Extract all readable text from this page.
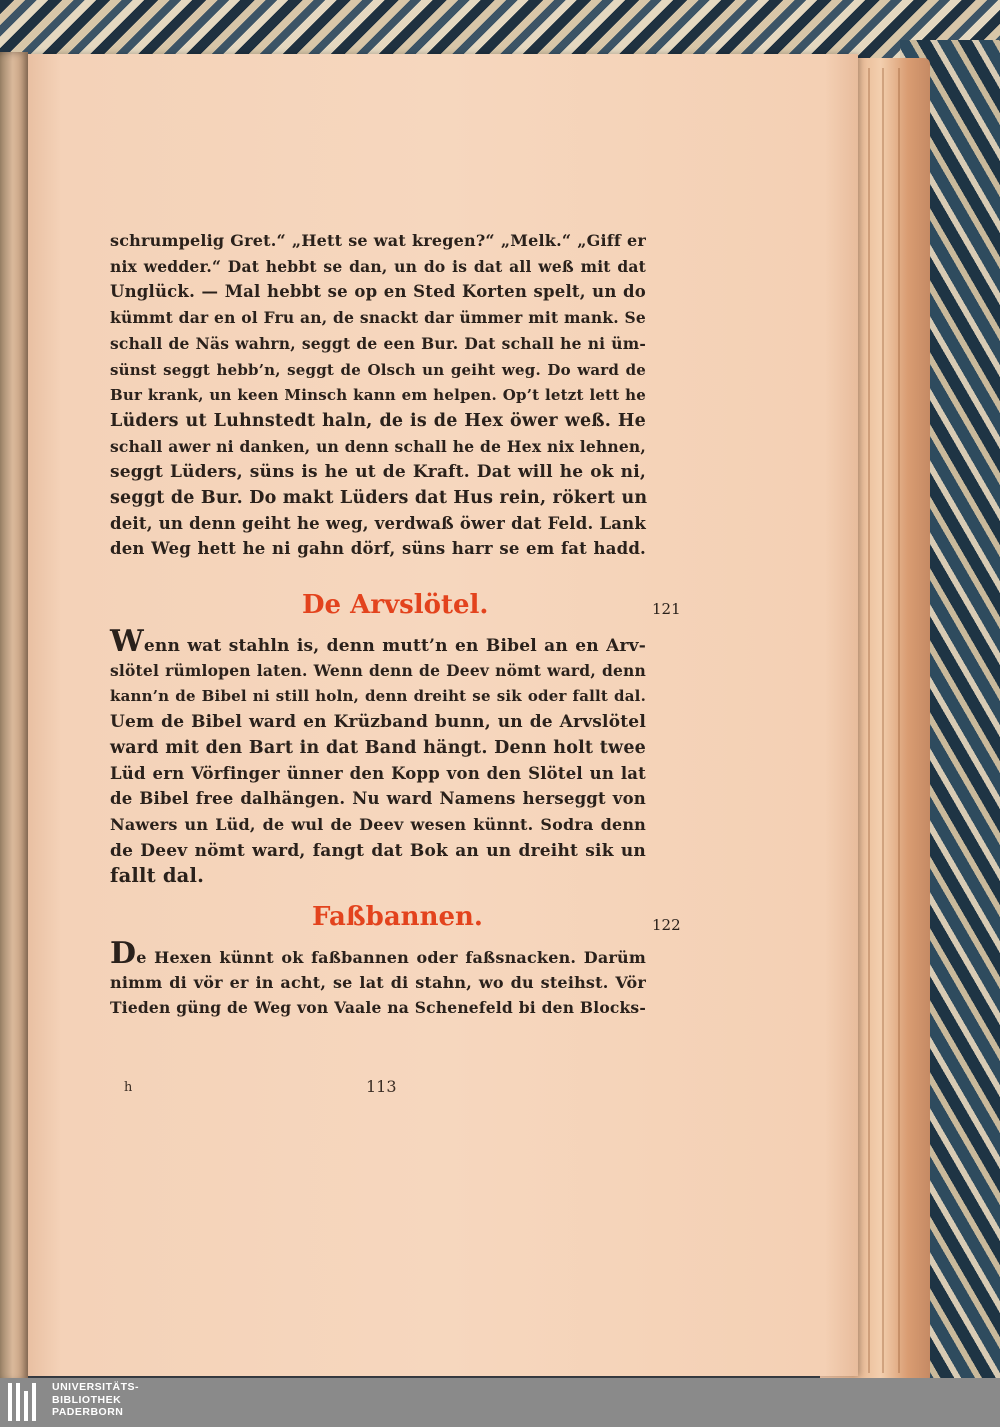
schrumpelig Gret.“ „Hett se wat kregen?“ „Melk.“ „Giff er
nix wedder.“ Dat hebbt se dan, un do is dat all weß mit dat
Unglück. — Mal hebbt se op en Sted Korten spelt, un do
kümmt dar en ol Fru an, de snackt dar ümmer mit mank. Se
schall de Näs wahrn, seggt de een Bur. Dat schall he ni üm-
sünst seggt hebb’n, seggt de Olsch un geiht weg. Do ward de
Bur krank, un keen Minsch kann em helpen. Op’t letzt lett he
Lüders ut Luhnstedt haln, de is de Hex öwer weß. He
schall awer ni danken, un denn schall he de Hex nix lehnen,
seggt Lüders, süns is he ut de Kraft. Dat will he ok ni,
seggt de Bur. Do makt Lüders dat Hus rein, rökert un
deit, un denn geiht he weg, verdwaß öwer dat Feld. Lank
den Weg hett he ni gahn dörf, süns harr se em fat hadd.
Wenn wat stahln is, denn mutt’n en Bibel an en Arv-
slötel rümlopen laten. Wenn denn de Deev nömt ward, denn
kann’n de Bibel ni still holn, denn dreiht se sik oder fallt dal.
Uem de Bibel ward en Krüzband bunn, un de Arvslötel
ward mit den Bart in dat Band hängt. Denn holt twee
Lüd ern Vörfinger ünner den Kopp von den Slötel un lat
de Bibel free dalhängen. Nu ward Namens herseggt von
Nawers un Lüd, de wul de Deev wesen künnt. Sodra denn
de Deev nömt ward, fangt dat Bok an un dreiht sik un
fallt dal.
De Hexen künnt ok faßbannen oder faßsnacken. Darüm
nimm di vör er in acht, se lat di stahn, wo du steihst. Vör
Tieden güng de Weg von Vaale na Schenefeld bi den Blocks-
De Arvslötel.	121
Faßbannen.	122
h	113
UNIVERSITÄTS-
BIBLIOTHEK
PADERBORN
